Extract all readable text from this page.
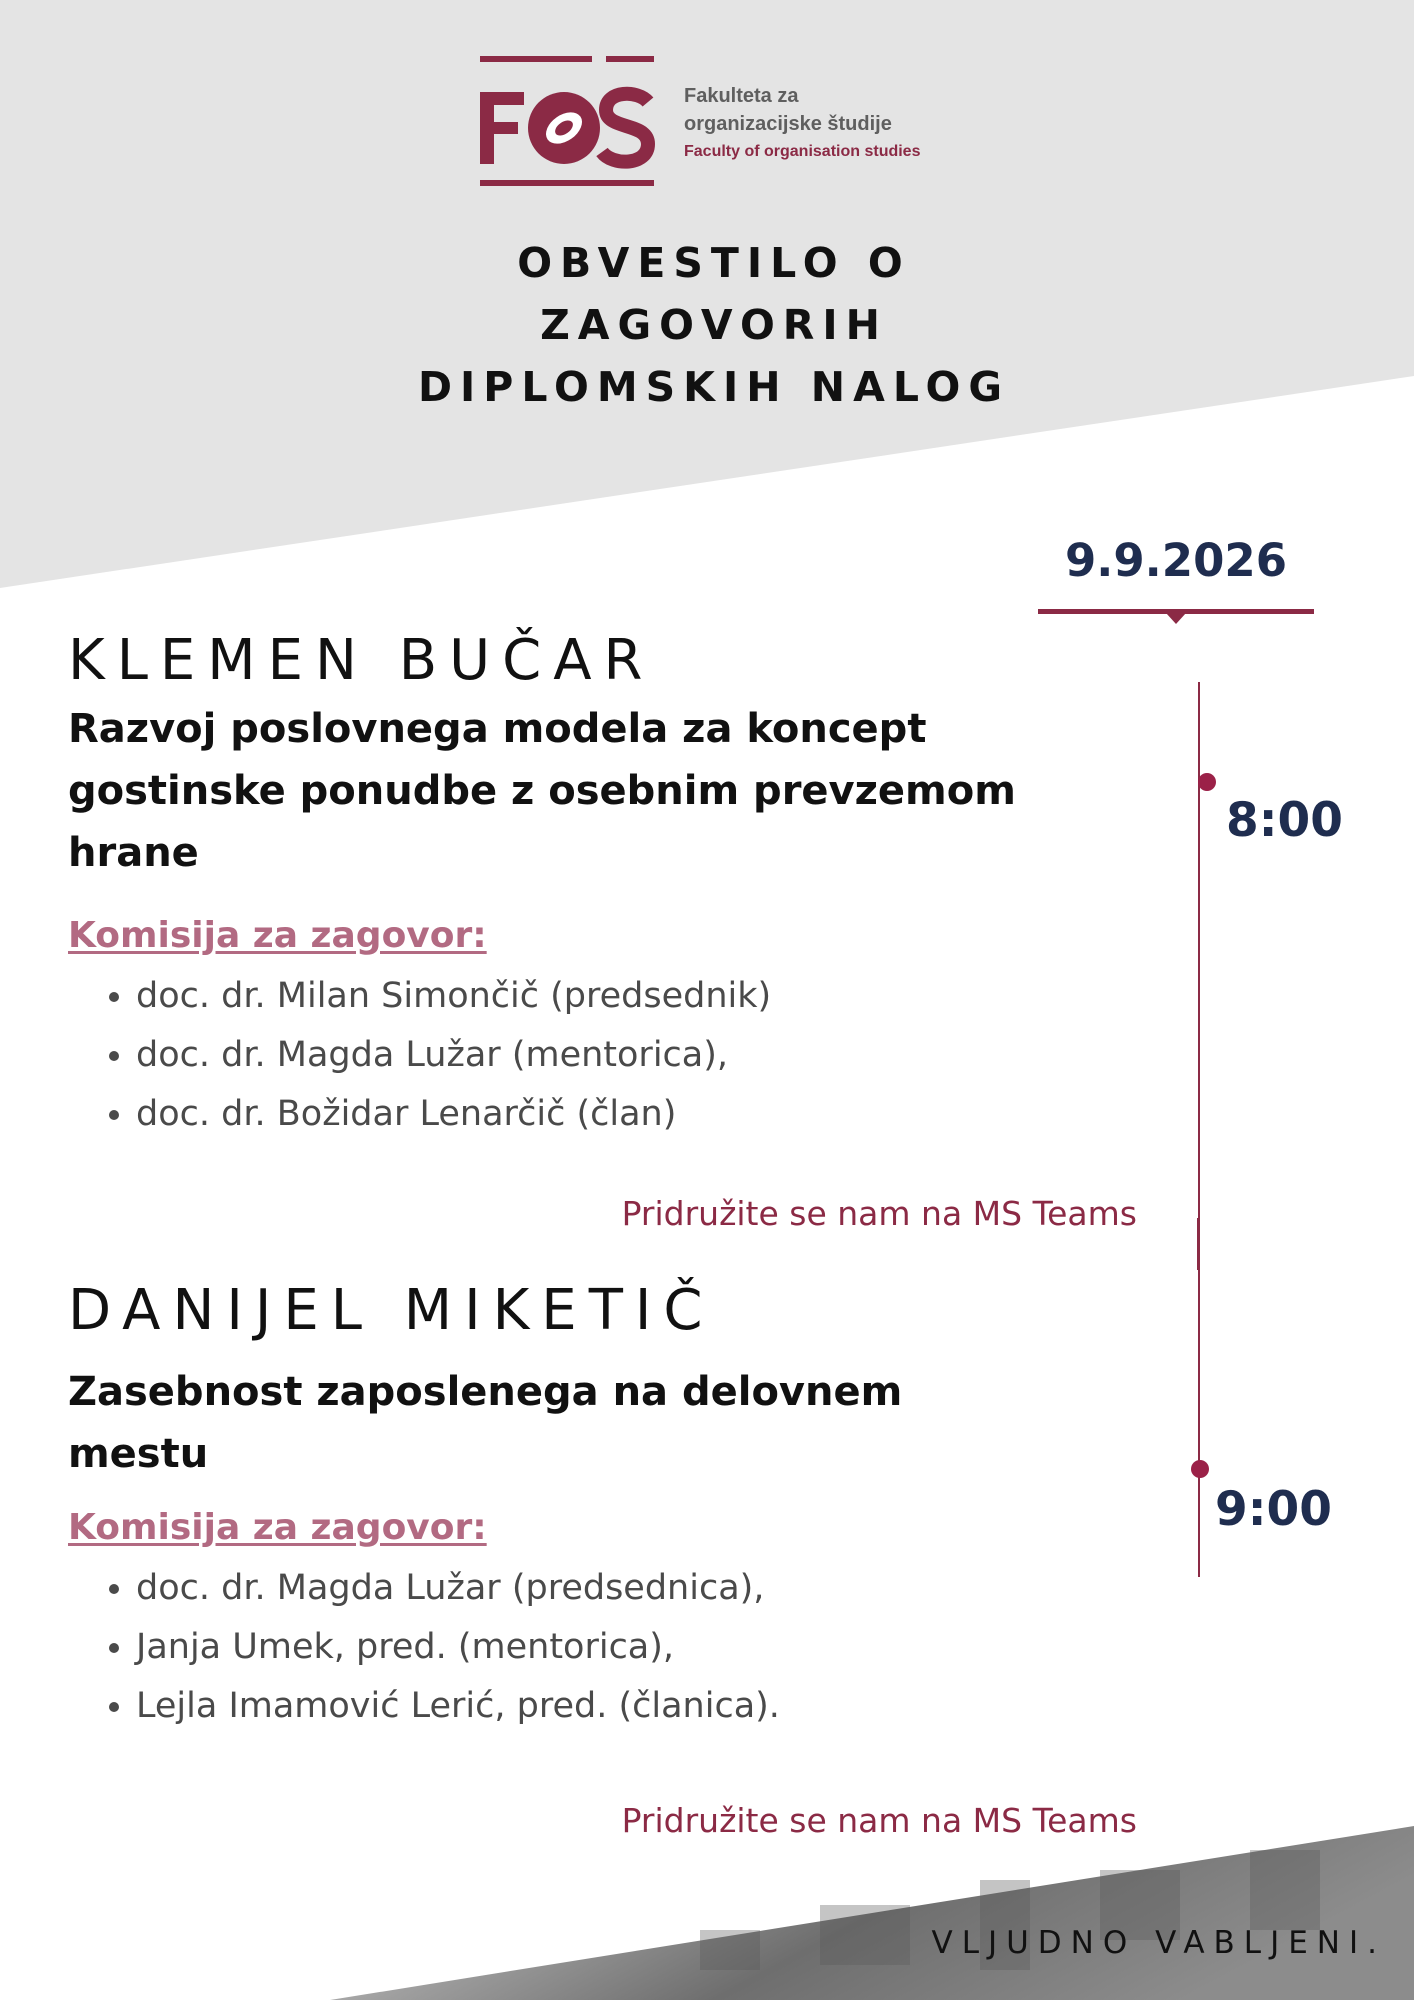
Fakulteta za
organizacijske študije
Faculty of organisation studies
OBVESTILO O
ZAGOVORIH
DIPLOMSKIH NALOG
9.9.2026
8:00
9:00
KLEMEN BUČAR
Razvoj poslovnega modela za koncept gostinske ponudbe z osebnim prevzemom hrane
Komisija za zagovor:
• doc. dr. Milan Simončič (predsednik)
• doc. dr. Magda Lužar (mentorica),
• doc. dr. Božidar Lenarčič (član)
Pridružite se nam na MS Teams
DANIJEL MIKETIČ
Zasebnost zaposlenega na delovnem mestu
Komisija za zagovor:
• doc. dr. Magda Lužar (predsednica),
• Janja Umek, pred. (mentorica),
• Lejla Imamović Lerić, pred. (članica).
Pridružite se nam na MS Teams
VLJUDNO VABLJENI.
